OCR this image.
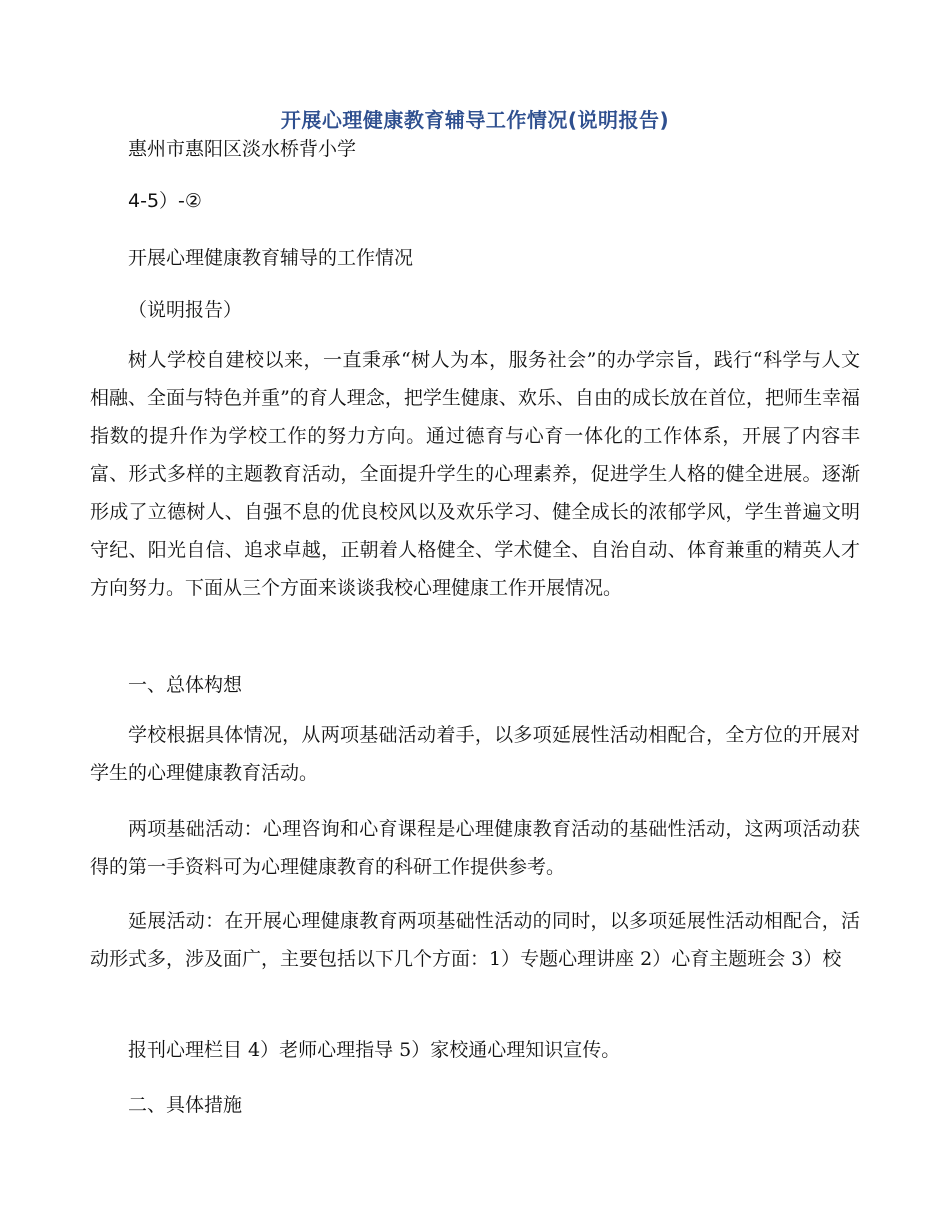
开展心理健康教育辅导工作情况(说明报告)
惠州市惠阳区淡水桥背小学
4-5）-②
开展心理健康教育辅导的工作情况
（说明报告）

树人学校自建校以来，一直秉承“树人为本，服务社会”的办学宗旨，践行“科学与人文相融、全面与特色并重”的育人理念，把学生健康、欢乐、自由的成长放在首位，把师生幸福指数的提升作为学校工作的努力方向。通过德育与心育一体化的工作体系，开展了内容丰富、形式多样的主题教育活动，全面提升学生的心理素养，促进学生人格的健全进展。逐渐形成了立德树人、自强不息的优良校风以及欢乐学习、健全成长的浓郁学风，学生普遍文明守纪、阳光自信、追求卓越，正朝着人格健全、学术健全、自治自动、体育兼重的精英人才方向努力。下面从三个方面来谈谈我校心理健康工作开展情况。

一、总体构想

学校根据具体情况，从两项基础活动着手，以多项延展性活动相配合，全方位的开展对学生的心理健康教育活动。

两项基础活动：心理咨询和心育课程是心理健康教育活动的基础性活动，这两项活动获得的第一手资料可为心理健康教育的科研工作提供参考。

延展活动：在开展心理健康教育两项基础性活动的同时，以多项延展性活动相配合，活动形式多，涉及面广，主要包括以下几个方面：1）专题心理讲座 2）心育主题班会 3）校

报刊心理栏目 4）老师心理指导 5）家校通心理知识宣传。
二、具体措施
